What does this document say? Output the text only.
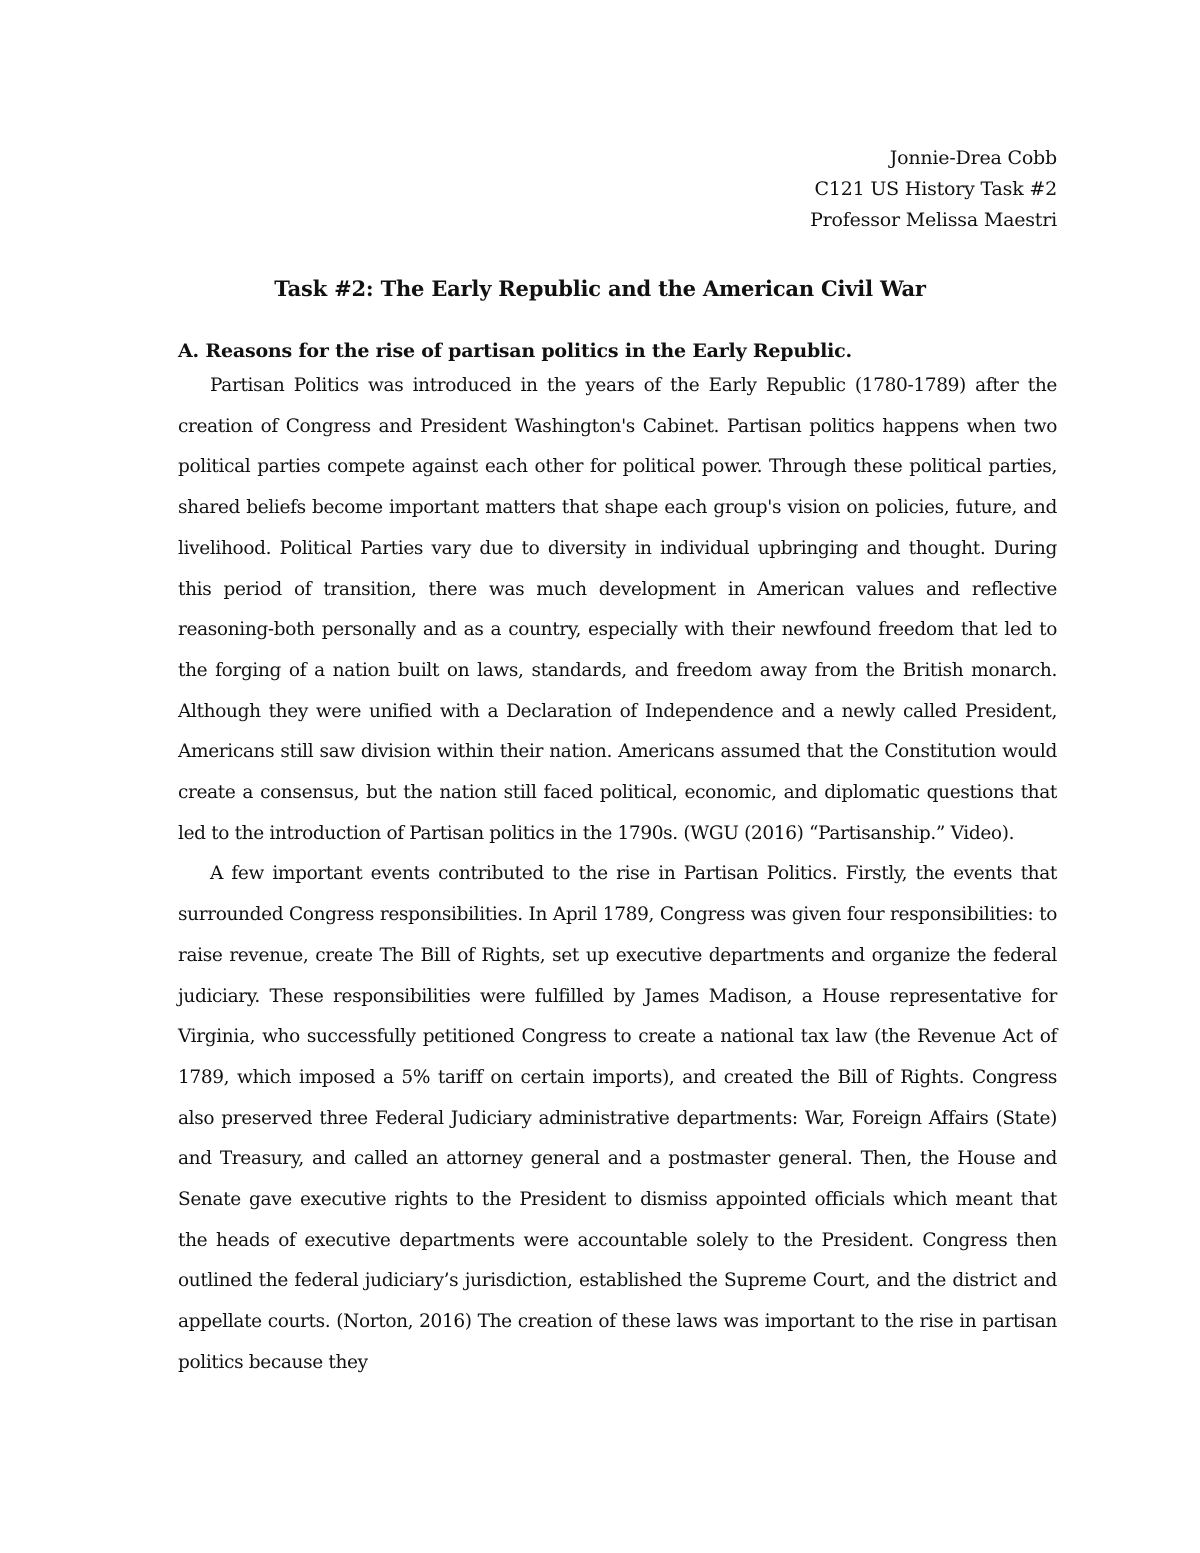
Jonnie-Drea Cobb
C121 US History Task #2
Professor Melissa Maestri
Task #2: The Early Republic and the American Civil War
A. Reasons for the rise of partisan politics in the Early Republic.

Partisan Politics was introduced in the years of the Early Republic (1780-1789) after the creation of Congress and President Washington's Cabinet. Partisan politics happens when two political parties compete against each other for political power. Through these political parties, shared beliefs become important matters that shape each group's vision on policies, future, and livelihood. Political Parties vary due to diversity in individual upbringing and thought. During this period of transition, there was much development in American values and reflective reasoning-both personally and as a country, especially with their newfound freedom that led to the forging of a nation built on laws, standards, and freedom away from the British monarch. Although they were unified with a Declaration of Independence and a newly called President, Americans still saw division within their nation. Americans assumed that the Constitution would create a consensus, but the nation still faced political, economic, and diplomatic questions that led to the introduction of Partisan politics in the 1790s. (WGU (2016) “Partisanship.” Video).

A few important events contributed to the rise in Partisan Politics. Firstly, the events that surrounded Congress responsibilities. In April 1789, Congress was given four responsibilities: to raise revenue, create The Bill of Rights, set up executive departments and organize the federal judiciary. These responsibilities were fulfilled by James Madison, a House representative for Virginia, who successfully petitioned Congress to create a national tax law (the Revenue Act of 1789, which imposed a 5% tariff on certain imports), and created the Bill of Rights. Congress also preserved three Federal Judiciary administrative departments: War, Foreign Affairs (State) and Treasury, and called an attorney general and a postmaster general. Then, the House and Senate gave executive rights to the President to dismiss appointed officials which meant that the heads of executive departments were accountable solely to the President. Congress then outlined the federal judiciary’s jurisdiction, established the Supreme Court, and the district and appellate courts. (Norton, 2016) The creation of these laws was important to the rise in partisan politics because they
